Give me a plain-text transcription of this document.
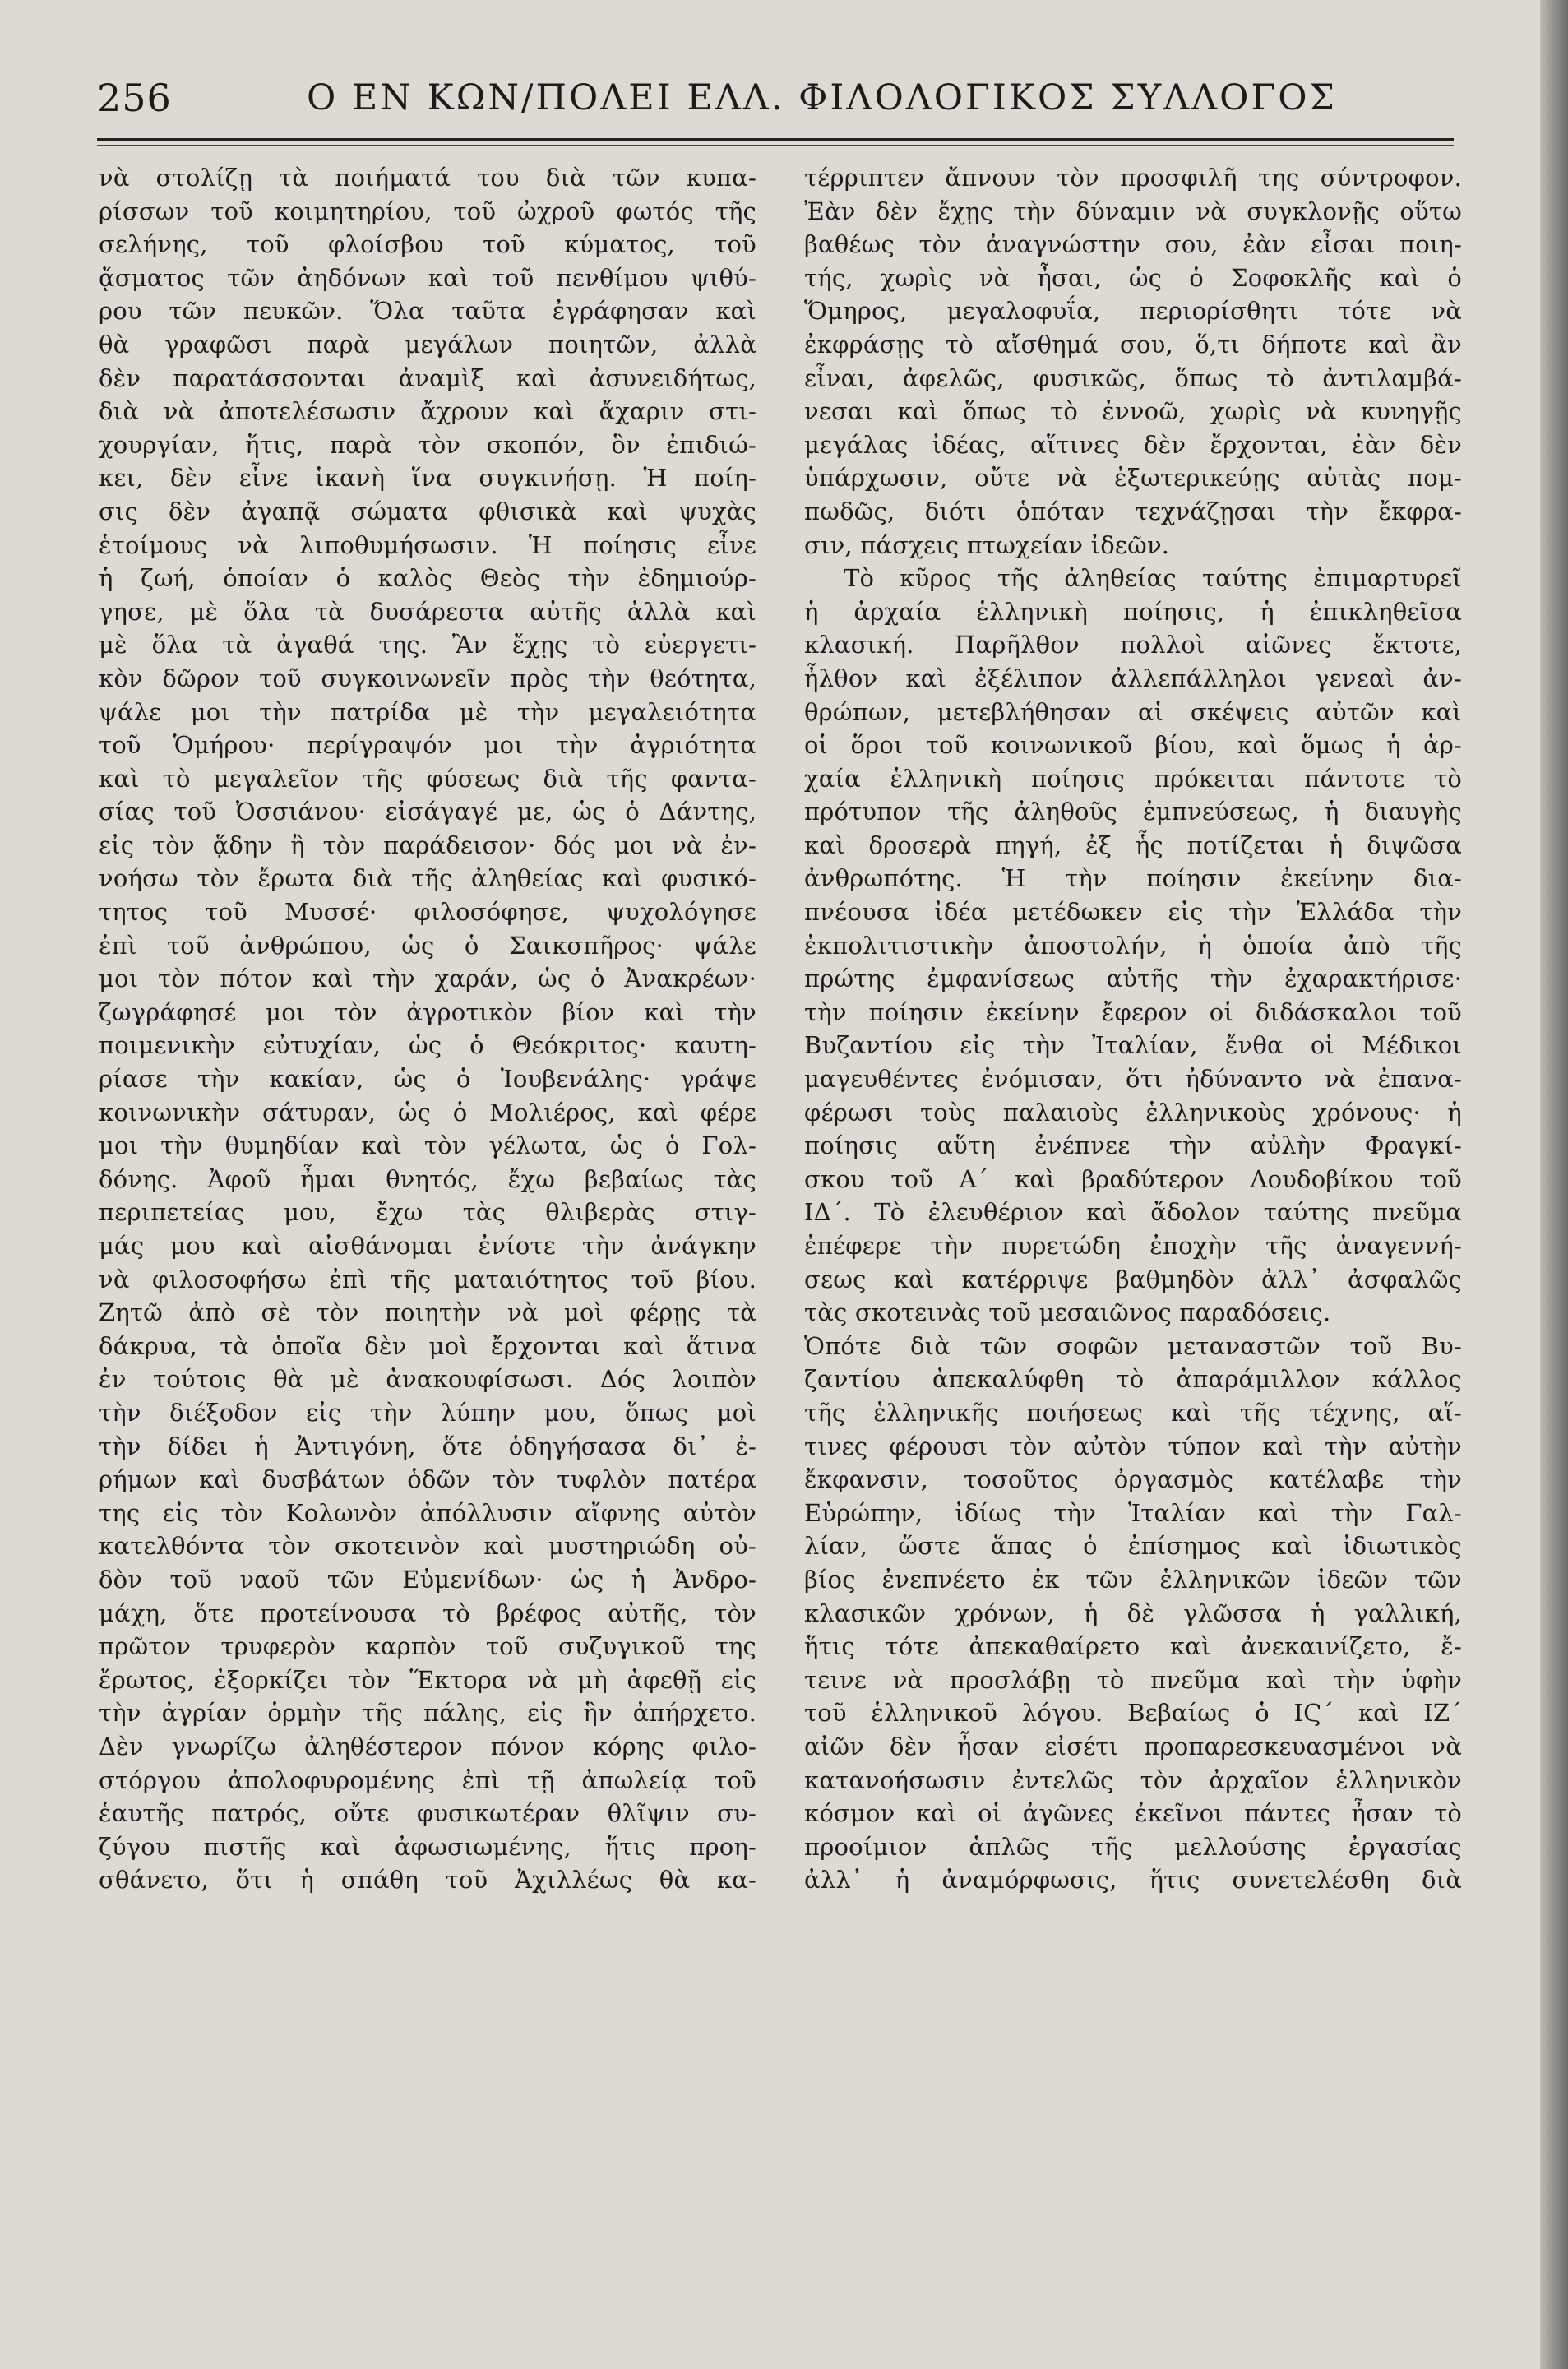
256	Ο ΕΝ ΚΩΝ/ΠΟΛΕΙ ΕΛΛ. ΦΙΛΟΛΟΓΙΚΟΣ ΣΥΛΛΟΓΟΣ
νὰ στολίζῃ τὰ ποιήματά του διὰ τῶν κυπα-
ρίσσων τοῦ κοιμητηρίου, τοῦ ὠχροῦ φωτός τῆς
σελήνης, τοῦ φλοίσβου τοῦ κύματος, τοῦ
ᾄσματος τῶν ἀηδόνων καὶ τοῦ πενθίμου ψιθύ-
ρου τῶν πευκῶν. Ὅλα ταῦτα ἐγράφησαν καὶ
θὰ γραφῶσι παρὰ μεγάλων ποιητῶν, ἀλλὰ
δὲν παρατάσσονται ἀναμὶξ καὶ ἀσυνειδήτως,
διὰ νὰ ἀποτελέσωσιν ἄχρουν καὶ ἄχαριν στι-
χουργίαν, ἥτις, παρὰ τὸν σκοπόν, ὃν ἐπιδιώ-
κει, δὲν εἶνε ἱκανὴ ἵνα συγκινήσῃ. Ἡ ποίη-
σις δὲν ἀγαπᾷ σώματα φθισικὰ καὶ ψυχὰς
ἑτοίμους νὰ λιποθυμήσωσιν. Ἡ ποίησις εἶνε
ἡ ζωή, ὁποίαν ὁ καλὸς Θεὸς τὴν ἐδημιούρ-
γησε, μὲ ὅλα τὰ δυσάρεστα αὐτῆς ἀλλὰ καὶ
μὲ ὅλα τὰ ἀγαθά της. Ἂν ἔχῃς τὸ εὐεργετι-
κὸν δῶρον τοῦ συγκοινωνεῖν πρὸς τὴν θεότητα,
ψάλε μοι τὴν πατρίδα μὲ τὴν μεγαλειότητα
τοῦ Ὁμήρου· περίγραψόν μοι τὴν ἀγριότητα
καὶ τὸ μεγαλεῖον τῆς φύσεως διὰ τῆς φαντα-
σίας τοῦ Ὀσσιάνου· εἰσάγαγέ με, ὡς ὁ Δάντης,
εἰς τὸν ᾅδην ἢ τὸν παράδεισον· δός μοι νὰ ἐν-
νοήσω τὸν ἔρωτα διὰ τῆς ἀληθείας καὶ φυσικό-
τητος τοῦ Μυσσέ· φιλοσόφησε, ψυχολόγησε
ἐπὶ τοῦ ἀνθρώπου, ὡς ὁ Σαικσπῆρος· ψάλε
μοι τὸν πότον καὶ τὴν χαράν, ὡς ὁ Ἀνακρέων·
ζωγράφησέ μοι τὸν ἀγροτικὸν βίον καὶ τὴν
ποιμενικὴν εὐτυχίαν, ὡς ὁ Θεόκριτος· καυτη-
ρίασε τὴν κακίαν, ὡς ὁ Ἰουβενάλης· γράψε
κοινωνικὴν σάτυραν, ὡς ὁ Μολιέρος, καὶ φέρε
μοι τὴν θυμηδίαν καὶ τὸν γέλωτα, ὡς ὁ Γολ-
δόνης. Ἀφοῦ ἦμαι θνητός, ἔχω βεβαίως τὰς
περιπετείας μου, ἔχω τὰς θλιβερὰς στιγ-
μάς μου καὶ αἰσθάνομαι ἐνίοτε τὴν ἀνάγκην
νὰ φιλοσοφήσω ἐπὶ τῆς ματαιότητος τοῦ βίου.
Ζητῶ ἀπὸ σὲ τὸν ποιητὴν νὰ μοὶ φέρῃς τὰ
δάκρυα, τὰ ὁποῖα δὲν μοὶ ἔρχονται καὶ ἅτινα
ἐν τούτοις θὰ μὲ ἀνακουφίσωσι. Δός λοιπὸν
τὴν διέξοδον εἰς τὴν λύπην μου, ὅπως μοὶ
τὴν δίδει ἡ Ἀντιγόνη, ὅτε ὁδηγήσασα δι᾽ ἐ-
ρήμων καὶ δυσβάτων ὁδῶν τὸν τυφλὸν πατέρα
της εἰς τὸν Κολωνὸν ἀπόλλυσιν αἴφνης αὐτὸν
κατελθόντα τὸν σκοτεινὸν καὶ μυστηριώδη οὐ-
δὸν τοῦ ναοῦ τῶν Εὐμενίδων· ὡς ἡ Ἀνδρο-
μάχη, ὅτε προτείνουσα τὸ βρέφος αὐτῆς, τὸν
πρῶτον τρυφερὸν καρπὸν τοῦ συζυγικοῦ της
ἔρωτος, ἐξορκίζει τὸν Ἕκτορα νὰ μὴ ἀφεθῇ εἰς
τὴν ἀγρίαν ὁρμὴν τῆς πάλης, εἰς ἣν ἀπήρχετο.
Δὲν γνωρίζω ἀληθέστερον πόνον κόρης φιλο-
στόργου ἀπολοφυρομένης ἐπὶ τῇ ἀπωλείᾳ τοῦ
ἑαυτῆς πατρός, οὔτε φυσικωτέραν θλῖψιν συ-
ζύγου πιστῆς καὶ ἀφωσιωμένης, ἥτις προη-
σθάνετο, ὅτι ἡ σπάθη τοῦ Ἀχιλλέως θὰ κα-
τέρριπτεν ἄπνουν τὸν προσφιλῆ της σύντροφον.
Ἐὰν δὲν ἔχῃς τὴν δύναμιν νὰ συγκλονῇς οὕτω
βαθέως τὸν ἀναγνώστην σου, ἐὰν εἶσαι ποιη-
τής, χωρὶς νὰ ἦσαι, ὡς ὁ Σοφοκλῆς καὶ ὁ
Ὅμηρος, μεγαλοφυΐα, περιορίσθητι τότε νὰ
ἐκφράσῃς τὸ αἴσθημά σου, ὅ,τι δήποτε καὶ ἂν
εἶναι, ἀφελῶς, φυσικῶς, ὅπως τὸ ἀντιλαμβά-
νεσαι καὶ ὅπως τὸ ἐννοῶ, χωρὶς νὰ κυνηγῇς
μεγάλας ἰδέας, αἵτινες δὲν ἔρχονται, ἐὰν δὲν
ὑπάρχωσιν, οὔτε νὰ ἐξωτερικεύῃς αὐτὰς πομ-
πωδῶς, διότι ὁπόταν τεχνάζῃσαι τὴν ἔκφρα-
σιν, πάσχεις πτωχείαν ἰδεῶν.
Τὸ κῦρος τῆς ἀληθείας ταύτης ἐπιμαρτυρεῖ
ἡ ἀρχαία ἑλληνικὴ ποίησις, ἡ ἐπικληθεῖσα
κλασική. Παρῆλθον πολλοὶ αἰῶνες ἔκτοτε,
ἦλθον καὶ ἐξέλιπον ἀλλεπάλληλοι γενεαὶ ἀν-
θρώπων, μετεβλήθησαν αἱ σκέψεις αὐτῶν καὶ
οἱ ὅροι τοῦ κοινωνικοῦ βίου, καὶ ὅμως ἡ ἀρ-
χαία ἑλληνικὴ ποίησις πρόκειται πάντοτε τὸ
πρότυπον τῆς ἀληθοῦς ἐμπνεύσεως, ἡ διαυγὴς
καὶ δροσερὰ πηγή, ἐξ ἧς ποτίζεται ἡ διψῶσα
ἀνθρωπότης. Ἡ τὴν ποίησιν ἐκείνην δια-
πνέουσα ἰδέα μετέδωκεν εἰς τὴν Ἑλλάδα τὴν
ἐκπολιτιστικὴν ἀποστολήν, ἡ ὁποία ἀπὸ τῆς
πρώτης ἐμφανίσεως αὐτῆς τὴν ἐχαρακτήρισε·
τὴν ποίησιν ἐκείνην ἔφερον οἱ διδάσκαλοι τοῦ
Βυζαντίου εἰς τὴν Ἰταλίαν, ἔνθα οἱ Μέδικοι
μαγευθέντες ἐνόμισαν, ὅτι ἠδύναντο νὰ ἐπανα-
φέρωσι τοὺς παλαιοὺς ἑλληνικοὺς χρόνους· ἡ
ποίησις αὕτη ἐνέπνεε τὴν αὐλὴν Φραγκί-
σκου τοῦ Α΄ καὶ βραδύτερον Λουδοβίκου τοῦ
ΙΔ΄. Τὸ ἐλευθέριον καὶ ἄδολον ταύτης πνεῦμα
ἐπέφερε τὴν πυρετώδη ἐποχὴν τῆς ἀναγεννή-
σεως καὶ κατέρριψε βαθμηδὸν ἀλλ᾽ ἀσφαλῶς
τὰς σκοτεινὰς τοῦ μεσαιῶνος παραδόσεις.
Ὁπότε διὰ τῶν σοφῶν μεταναστῶν τοῦ Βυ-
ζαντίου ἀπεκαλύφθη τὸ ἀπαράμιλλον κάλλος
τῆς ἑλληνικῆς ποιήσεως καὶ τῆς τέχνης, αἵ-
τινες φέρουσι τὸν αὐτὸν τύπον καὶ τὴν αὐτὴν
ἔκφανσιν, τοσοῦτος ὀργασμὸς κατέλαβε τὴν
Εὐρώπην, ἰδίως τὴν Ἰταλίαν καὶ τὴν Γαλ-
λίαν, ὥστε ἅπας ὁ ἐπίσημος καὶ ἰδιωτικὸς
βίος ἐνεπνέετο ἐκ τῶν ἑλληνικῶν ἰδεῶν τῶν
κλασικῶν χρόνων, ἡ δὲ γλῶσσα ἡ γαλλική,
ἥτις τότε ἀπεκαθαίρετο καὶ ἀνεκαινίζετο, ἔ-
τεινε νὰ προσλάβῃ τὸ πνεῦμα καὶ τὴν ὑφὴν
τοῦ ἑλληνικοῦ λόγου. Βεβαίως ὁ ΙϚ΄ καὶ ΙΖ΄
αἰῶν δὲν ἦσαν εἰσέτι προπαρεσκευασμένοι νὰ
κατανοήσωσιν ἐντελῶς τὸν ἀρχαῖον ἑλληνικὸν
κόσμον καὶ οἱ ἀγῶνες ἐκεῖνοι πάντες ἦσαν τὸ
προοίμιον ἁπλῶς τῆς μελλούσης ἐργασίας
ἀλλ᾽ ἡ ἀναμόρφωσις, ἥτις συνετελέσθη διὰ
